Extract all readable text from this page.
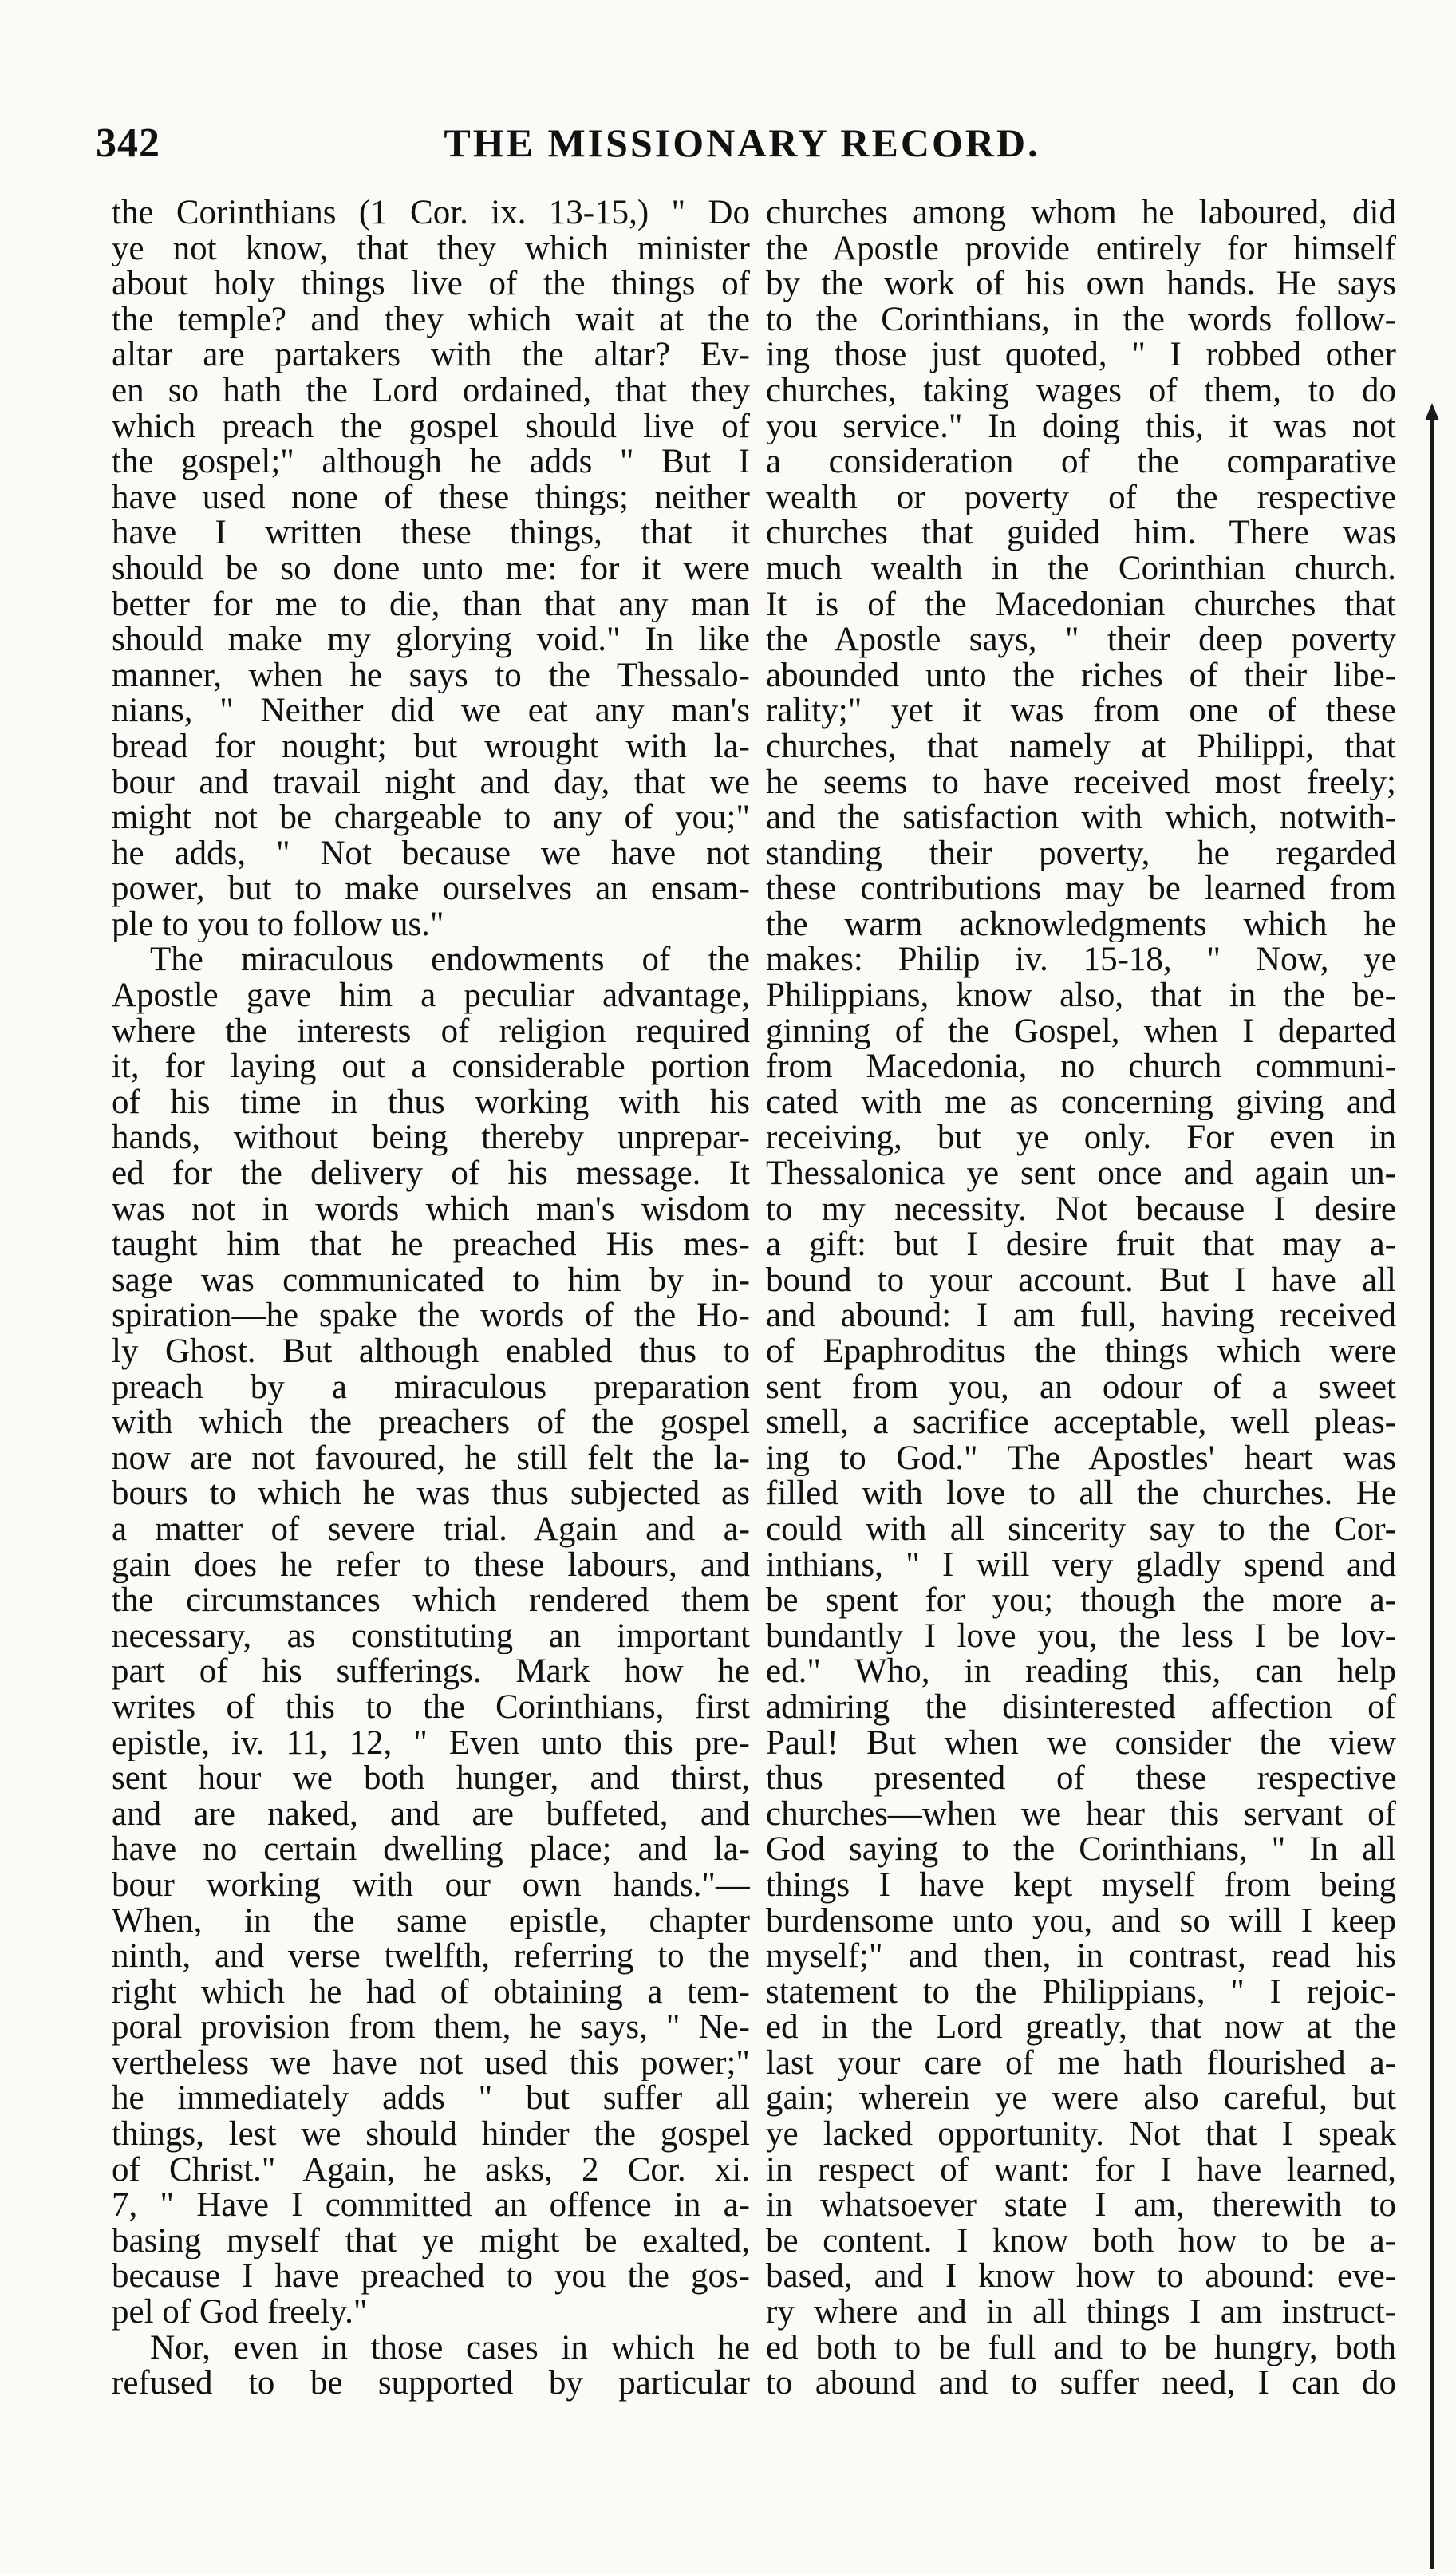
342	THE MISSIONARY RECORD.
the Corinthians (1 Cor. ix. 13-15,) " Do
ye not know, that they which minister
about holy things live of the things of
the temple? and they which wait at the
altar are partakers with the altar? Ev-
en so hath the Lord ordained, that they
which preach the gospel should live of
the gospel;" although he adds " But I
have used none of these things; neither
have I written these things, that it
should be so done unto me: for it were
better for me to die, than that any man
should make my glorying void." In like
manner, when he says to the Thessalo-
nians, " Neither did we eat any man's
bread for nought; but wrought with la-
bour and travail night and day, that we
might not be chargeable to any of you;"
he adds, " Not because we have not
power, but to make ourselves an ensam-
ple to you to follow us."
The miraculous endowments of the
Apostle gave him a peculiar advantage,
where the interests of religion required
it, for laying out a considerable portion
of his time in thus working with his
hands, without being thereby unprepar-
ed for the delivery of his message. It
was not in words which man's wisdom
taught him that he preached His mes-
sage was communicated to him by in-
spiration—he spake the words of the Ho-
ly Ghost. But although enabled thus to
preach by a miraculous preparation
with which the preachers of the gospel
now are not favoured, he still felt the la-
bours to which he was thus subjected as
a matter of severe trial. Again and a-
gain does he refer to these labours, and
the circumstances which rendered them
necessary, as constituting an important
part of his sufferings. Mark how he
writes of this to the Corinthians, first
epistle, iv. 11, 12, " Even unto this pre-
sent hour we both hunger, and thirst,
and are naked, and are buffeted, and
have no certain dwelling place; and la-
bour working with our own hands."—
When, in the same epistle, chapter
ninth, and verse twelfth, referring to the
right which he had of obtaining a tem-
poral provision from them, he says, " Ne-
vertheless we have not used this power;"
he immediately adds " but suffer all
things, lest we should hinder the gospel
of Christ." Again, he asks, 2 Cor. xi.
7, " Have I committed an offence in a-
basing myself that ye might be exalted,
because I have preached to you the gos-
pel of God freely."
Nor, even in those cases in which he
refused to be supported by particular
churches among whom he laboured, did
the Apostle provide entirely for himself
by the work of his own hands. He says
to the Corinthians, in the words follow-
ing those just quoted, " I robbed other
churches, taking wages of them, to do
you service." In doing this, it was not
a consideration of the comparative
wealth or poverty of the respective
churches that guided him. There was
much wealth in the Corinthian church.
It is of the Macedonian churches that
the Apostle says, " their deep poverty
abounded unto the riches of their libe-
rality;" yet it was from one of these
churches, that namely at Philippi, that
he seems to have received most freely;
and the satisfaction with which, notwith-
standing their poverty, he regarded
these contributions may be learned from
the warm acknowledgments which he
makes: Philip iv. 15-18, " Now, ye
Philippians, know also, that in the be-
ginning of the Gospel, when I departed
from Macedonia, no church communi-
cated with me as concerning giving and
receiving, but ye only. For even in
Thessalonica ye sent once and again un-
to my necessity. Not because I desire
a gift: but I desire fruit that may a-
bound to your account. But I have all
and abound: I am full, having received
of Epaphroditus the things which were
sent from you, an odour of a sweet
smell, a sacrifice acceptable, well pleas-
ing to God." The Apostles' heart was
filled with love to all the churches. He
could with all sincerity say to the Cor-
inthians, " I will very gladly spend and
be spent for you; though the more a-
bundantly I love you, the less I be lov-
ed." Who, in reading this, can help
admiring the disinterested affection of
Paul! But when we consider the view
thus presented of these respective
churches—when we hear this servant of
God saying to the Corinthians, " In all
things I have kept myself from being
burdensome unto you, and so will I keep
myself;" and then, in contrast, read his
statement to the Philippians, " I rejoic-
ed in the Lord greatly, that now at the
last your care of me hath flourished a-
gain; wherein ye were also careful, but
ye lacked opportunity. Not that I speak
in respect of want: for I have learned,
in whatsoever state I am, therewith to
be content. I know both how to be a-
based, and I know how to abound: eve-
ry where and in all things I am instruct-
ed both to be full and to be hungry, both
to abound and to suffer need, I can do
